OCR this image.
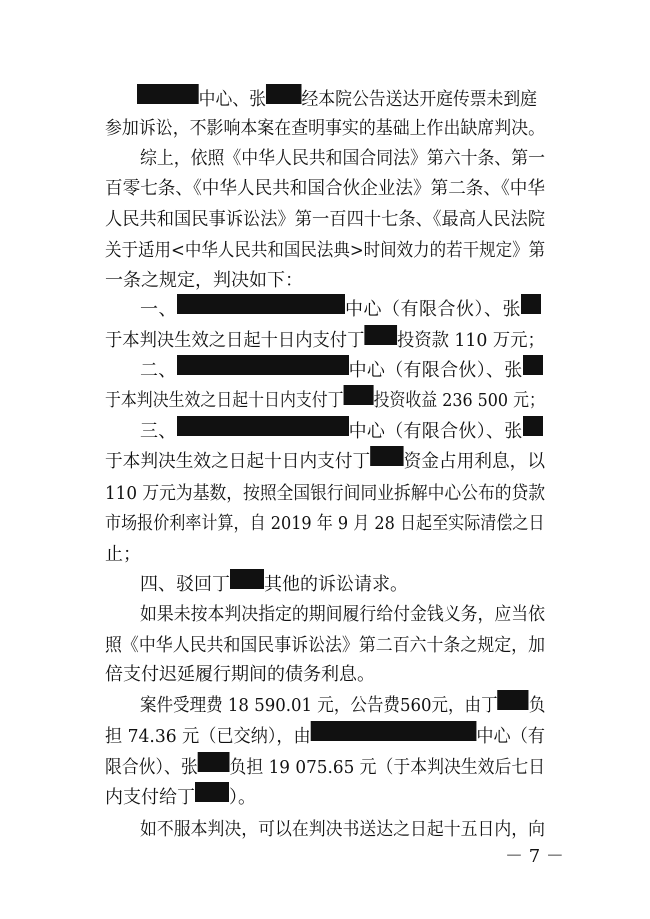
中心、张 经本院公告送达开庭传票未到庭
参加诉讼，不影响本案在查明事实的基础上作出缺席判决。
综上，依照《中华人民共和国合同法》第六十条、第一
百零七条、《中华人民共和国合伙企业法》第二条、《中华
人民共和国民事诉讼法》第一百四十七条、《最高人民法院
关于适用<中华人民共和国民法典>时间效力的若干规定》第
一条之规定，判决如下：
一、	中心（有限合伙）、张
于本判决生效之日起十日内支付丁 投资款 110 万元；
二、	中心（有限合伙）、张
于本判决生效之日起十日内支付丁 投资收益 236 500 元；
三、	中心（有限合伙）、张
于本判决生效之日起十日内支付丁 资金占用利息，以
110 万元为基数，按照全国银行间同业拆解中心公布的贷款
市场报价利率计算，自 2019 年 9 月 28 日起至实际清偿之日
止；
四、驳回丁 其他的诉讼请求。
如果未按本判决指定的期间履行给付金钱义务，应当依
照《中华人民共和国民事诉讼法》第二百六十条之规定，加
倍支付迟延履行期间的债务利息。
案件受理费 18 590.01 元，公告费560元，由丁 负
担 74.36 元（已交纳），由	中心（有
限合伙）、张 负担 19 075.65 元（于本判决生效后七日
内支付给丁 ）。
如不服本判决，可以在判决书送达之日起十五日内，向
－ 7 －
